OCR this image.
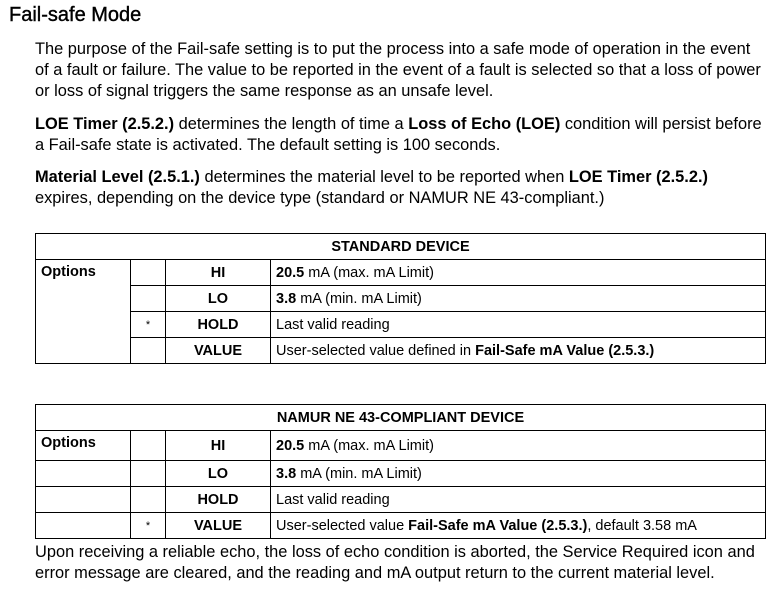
Fail-safe Mode

The purpose of the Fail-safe setting is to put the process into a safe mode of operation in the event of a fault or failure. The value to be reported in the event of a fault is selected so that a loss of power or loss of signal triggers the same response as an unsafe level.

LOE Timer (2.5.2.) determines the length of time a Loss of Echo (LOE) condition will persist before a Fail-safe state is activated. The default setting is 100 seconds.

Material Level (2.5.1.) determines the material level to be reported when LOE Timer (2.5.2.) expires, depending on the device type (standard or NAMUR NE 43-compliant.)

STANDARD DEVICE			
Options		HI	20.5 mA (max. mA Limit)
		LO	3.8 mA (min. mA Limit)
	*	HOLD	Last valid reading
		VALUE	User-selected value defined in Fail-Safe mA Value (2.5.3.)
NAMUR NE 43-COMPLIANT DEVICE			
Options		HI	20.5 mA (max. mA Limit)
		LO	3.8 mA (min. mA Limit)
		HOLD	Last valid reading
	*	VALUE	User-selected value Fail-Safe mA Value (2.5.3.), default 3.58 mA

Upon receiving a reliable echo, the loss of echo condition is aborted, the Service Required icon and error message are cleared, and the reading and mA output return to the current material level.
